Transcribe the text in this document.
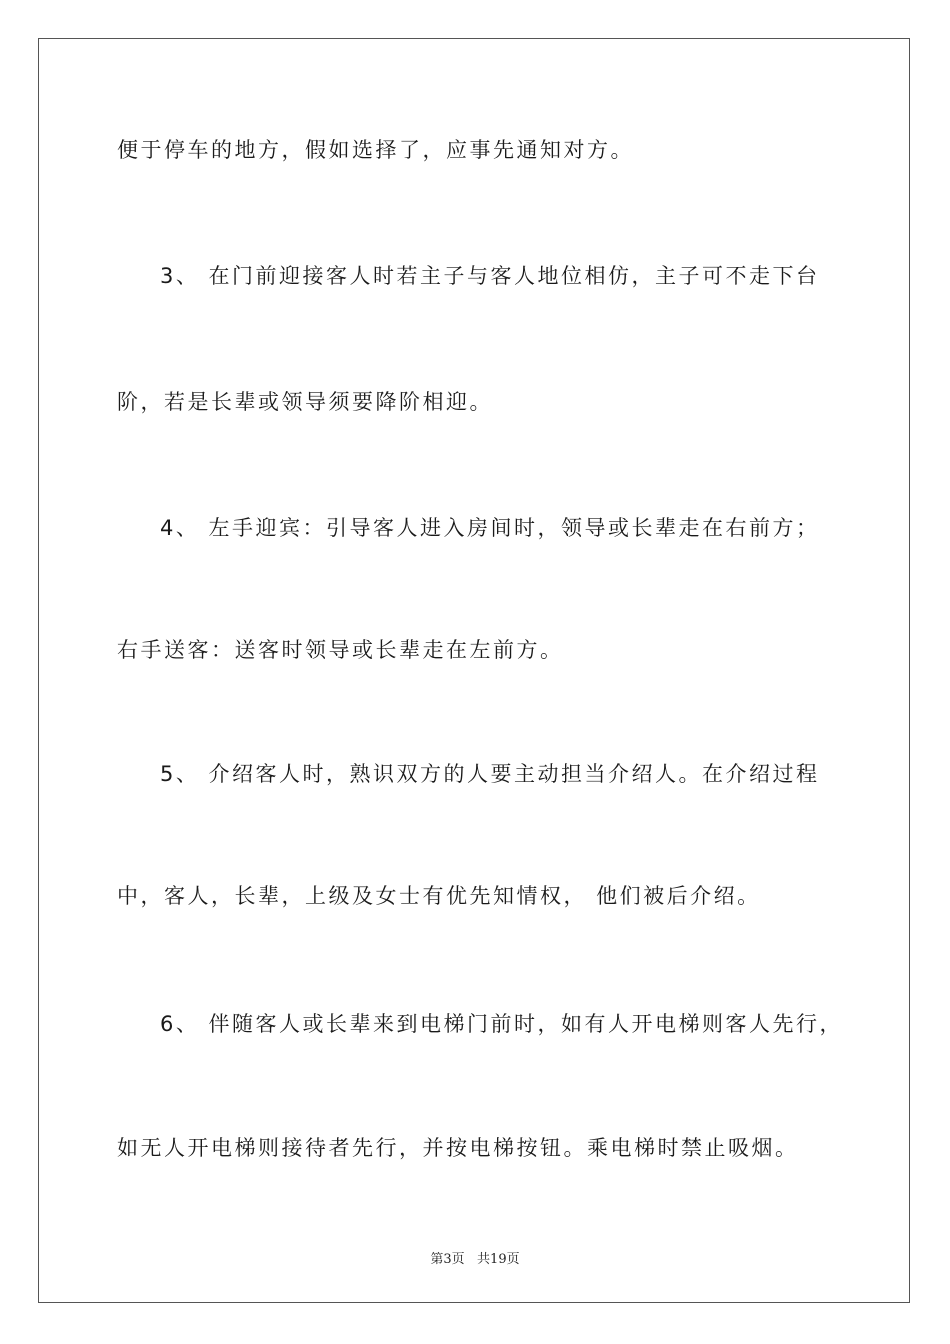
便于停车的地方，假如选择了，应事先通知对方。
3、 在门前迎接客人时若主子与客人地位相仿，主子可不走下台
阶，若是长辈或领导须要降阶相迎。
4、 左手迎宾：引导客人进入房间时，领导或长辈走在右前方；
右手送客：送客时领导或长辈走在左前方。
5、 介绍客人时，熟识双方的人要主动担当介绍人。在介绍过程
中，客人，长辈，上级及女士有优先知情权， 他们被后介绍。
6、 伴随客人或长辈来到电梯门前时，如有人开电梯则客人先行，
如无人开电梯则接待者先行，并按电梯按钮。乘电梯时禁止吸烟。
第3页   共19页
